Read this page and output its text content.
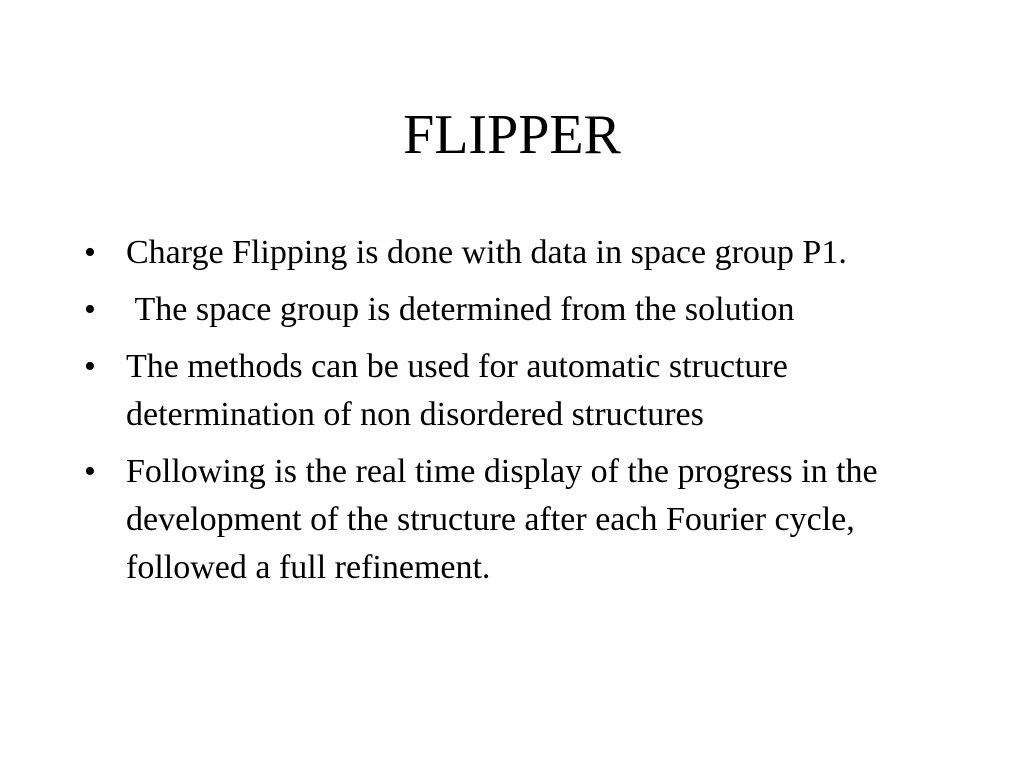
FLIPPER
• Charge Flipping is done with data in space group P1.
• The space group is determined from the solution
• The methods can be used for automatic structure determination of non disordered structures
• Following is the real time display of the progress in the development of the structure after each Fourier cycle, followed a full refinement.
